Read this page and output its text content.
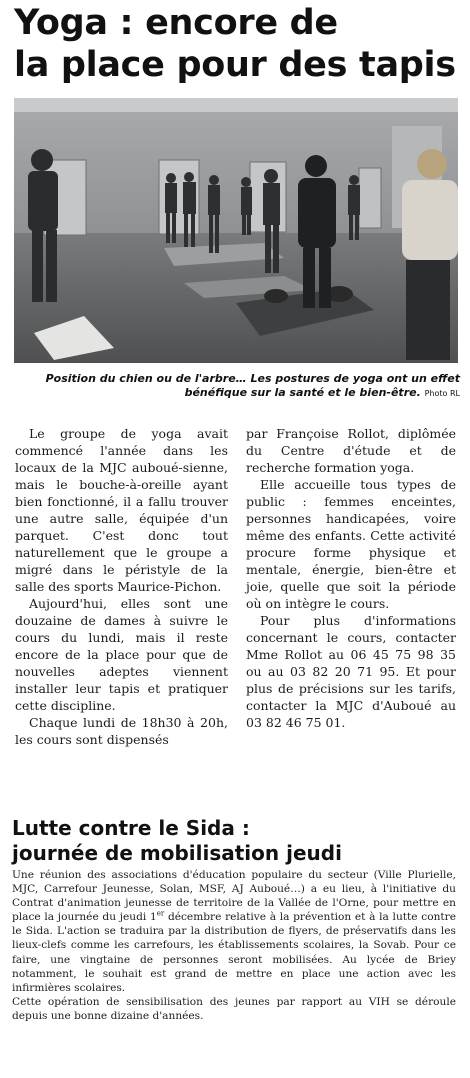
Yoga : encore de
la place pour des tapis
Position du chien ou de l'arbre… Les postures de yoga ont un effet bénéfique sur la santé et le bien-être. Photo RL

Le groupe de yoga avait commencé l'année dans les locaux de la MJC auboué-sienne, mais le bouche-à-oreille ayant bien fonctionné, il a fallu trouver une autre salle, équipée d'un parquet. C'est donc tout naturellement que le groupe a migré dans le péristyle de la salle des sports Maurice-Pichon.

Aujourd'hui, elles sont une douzaine de dames à suivre le cours du lundi, mais il reste encore de la place pour que de nouvelles adeptes viennent installer leur tapis et pratiquer cette discipline.

Chaque lundi de 18h30 à 20h, les cours sont dispensés

par Françoise Rollot, diplômée du Centre d'étude et de recherche formation yoga.

Elle accueille tous types de public : femmes enceintes, personnes handicapées, voire même des enfants. Cette activité procure forme physique et mentale, énergie, bien-être et joie, quelle que soit la période où on intègre le cours.

Pour plus d'informations concernant le cours, contacter Mme Rollot au 06 45 75 98 35 ou au 03 82 20 71 95. Et pour plus de précisions sur les tarifs, contacter la MJC d'Auboué au 03 82 46 75 01.

Lutte contre le Sida :
journée de mobilisation jeudi

Une réunion des associations d'éducation populaire du secteur (Ville Plurielle, MJC, Carrefour Jeunesse, Solan, MSF, AJ Auboué…) a eu lieu, à l'initiative du Contrat d'animation jeunesse de territoire de la Vallée de l'Orne, pour mettre en place la journée du jeudi 1er décembre relative à la prévention et à la lutte contre le Sida. L'action se traduira par la distribution de flyers, de préservatifs dans les lieux-clefs comme les carrefours, les établissements scolaires, la Sovab. Pour ce faire, une vingtaine de personnes seront mobilisées. Au lycée de Briey notamment, le souhait est grand de mettre en place une action avec les infirmières scolaires.

Cette opération de sensibilisation des jeunes par rapport au VIH se déroule depuis une bonne dizaine d'années.
